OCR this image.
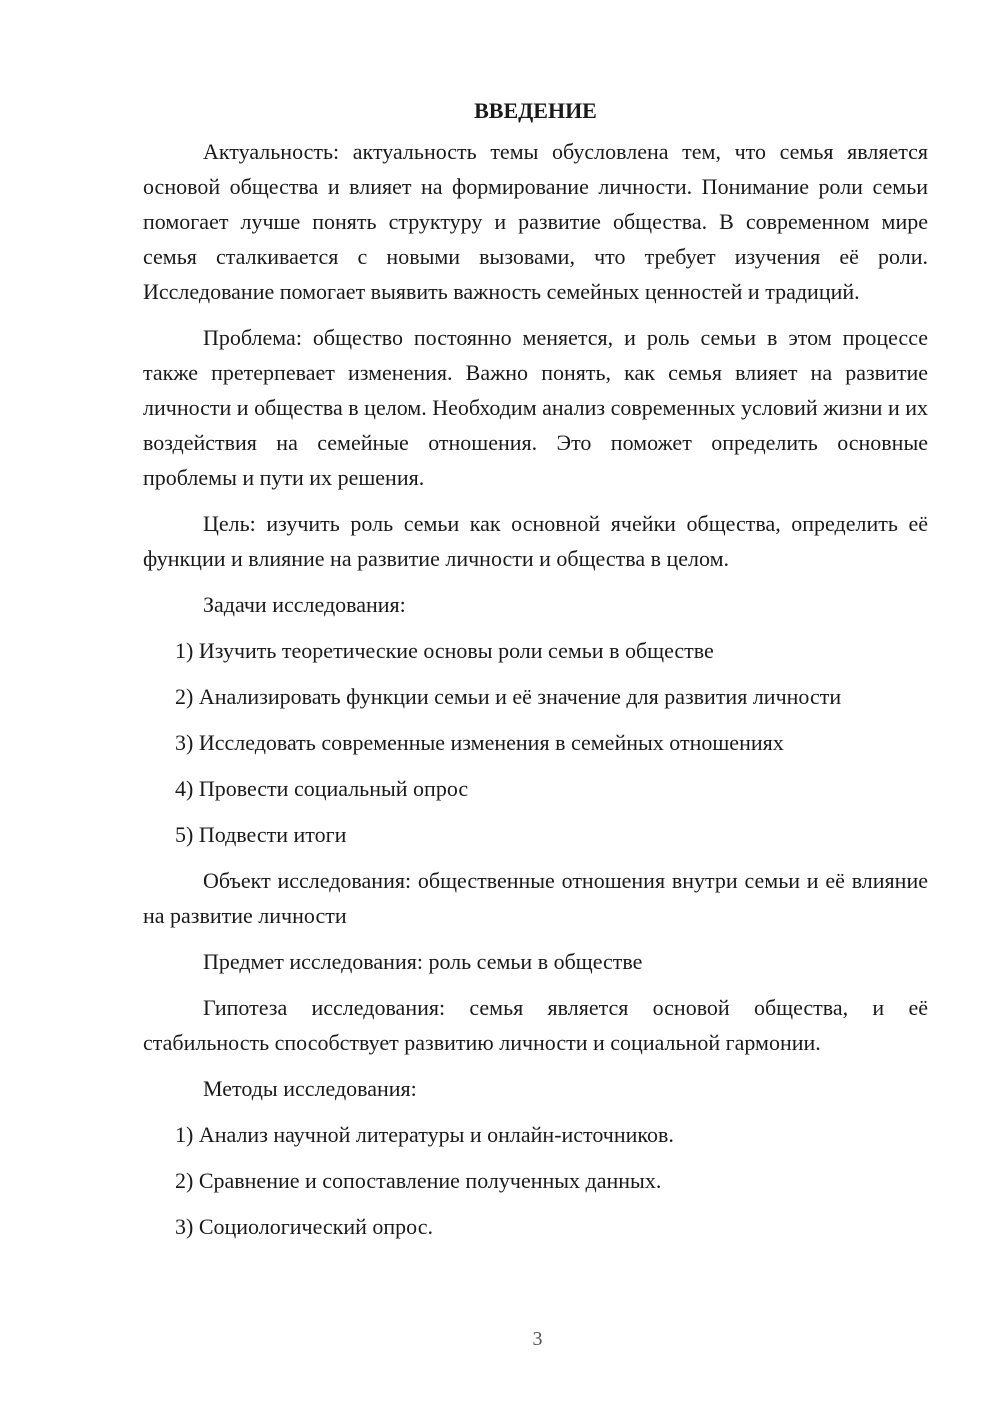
ВВЕДЕНИЕ

Актуальность: актуальность темы обусловлена тем, что семья является основой общества и влияет на формирование личности. Понимание роли семьи помогает лучше понять структуру и развитие общества. В современном мире семья сталкивается с новыми вызовами, что требует изучения её роли. Исследование помогает выявить важность семейных ценностей и традиций.

Проблема: общество постоянно меняется, и роль семьи в этом процессе также претерпевает изменения. Важно понять, как семья влияет на развитие личности и общества в целом. Необходим анализ современных условий жизни и их воздействия на семейные отношения. Это поможет определить основные проблемы и пути их решения.

Цель: изучить роль семьи как основной ячейки общества, определить её функции и влияние на развитие личности и общества в целом.

Задачи исследования:
1) Изучить теоретические основы роли семьи в обществе
2) Анализировать функции семьи и её значение для развития личности
3) Исследовать современные изменения в семейных отношениях
4) Провести социальный опрос
5) Подвести итоги

Объект исследования: общественные отношения внутри семьи и её влияние на развитие личности

Предмет исследования: роль семьи в обществе

Гипотеза исследования: семья является основой общества, и её стабильность способствует развитию личности и социальной гармонии.

Методы исследования:
1) Анализ научной литературы и онлайн-источников.
2) Сравнение и сопоставление полученных данных.
3) Социологический опрос.
3
